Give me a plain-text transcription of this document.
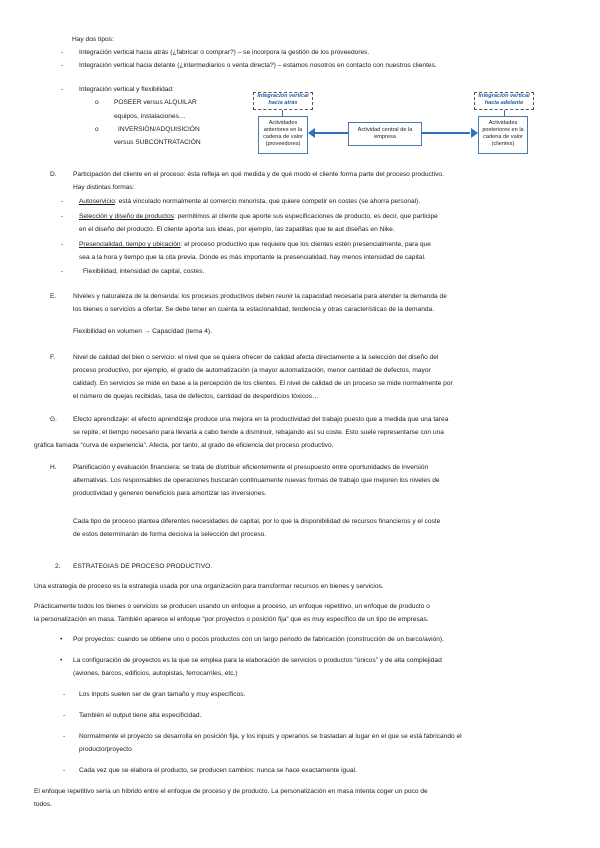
Hay dos tipos:
- Integración vertical hacia atrás (¿fabricar o comprar?) – se incorpora la gestión de los proveedores.
- Integración vertical hacia delante (¿intermediarios o venta directa?) – estamos nosotros en contacto con nuestros clientes.
- Integración vertical y flexibilidad:
o POSEER versus ALQUILAR
equipos, instalaciones…
o	INVERSIÓN/ADQUISICIÓN
versus SUBCONTRATACIÓN
Integración vertical hacia atrás
Integración vertical hacia adelante
Actividades anteriores en la cadena de valor (proveedores)
Actividad central de la empresa
Actividades posteriores en la cadena de valor (clientes)
D. Participación del cliente en el proceso: ésta refleja en qué medida y de qué modo el cliente forma parte del proceso productivo.
Hay distintas formas:
- Autoservicio: está vinculado normalmente al comercio minorista, que quiere competir en costes (se ahorra personal).
- Selección y diseño de productos: permitimos al cliente que aporte sus especificaciones de producto, es decir, que participe
en el diseño del producto. El cliente aporta sus ideas, por ejemplo, las zapatillas que te aut diseñas en Nike.
- Presencialidad, tiempo y ubicación: el proceso productivo que requiere que los clientes estén presencialmente, para que
sea a la hora y tiempo que la cita previa. Donde es más importante la presencialidad, hay menos intensidad de capital.
-	Flexibilidad, intensidad de capital, costes.
E.	Niveles y naturaleza de la demanda: los procesos productivos deben reunir la capacidad necesaria para atender la demanda de
los bienes o servicios a ofertar. Se debe tener en cuenta la estacionalidad, tendencia y otras características de la demanda.
Flexibilidad en volumen → Capacidad (tema 4).
F.	Nivel de calidad del bien o servicio: el nivel que se quiera ofrecer de calidad afecta directamente a la selección del diseño del
proceso productivo, por ejemplo, el grado de automatización (a mayor automatización, menor cantidad de defectos, mayor
calidad). En servicios se mide en base a la percepción de los clientes. El nivel de calidad de un proceso se mide normalmente por
el número de quejas recibidas, tasa de defectos, cantidad de desperdicios tóxicos…
G. Efecto aprendizaje: el efecto aprendizaje produce una mejora en la productividad del trabajo puesto que a medida que una tarea
se repite, el tiempo necesario para llevarla a cabo tiende a disminuir, rebajando así su coste. Esto suele representarse con una
gráfica llamada “curva de experiencia”. Afecta, por tanto, al grado de eficiencia del proceso productivo.
H. Planificación y evaluación financiera: se trata de distribuir eficientemente el presupuesto entre oportunidades de inversión
alternativas. Los responsables de operaciones buscarán continuamente nuevas formas de trabajo que mejoren los niveles de
productividad y generen beneficios para amortizar las inversiones.
Cada tipo de proceso plantea diferentes necesidades de capital, por lo que la disponibilidad de recursos financieros y el coste
de estos determinarán de forma decisiva la selección del proceso.
2. ESTRATEGIAS DE PROCESO PRODUCTIVO.
Una estrategia de proceso es la estrategia usada por una organización para transformar recursos en bienes y servicios.
Prácticamente todos los bienes o servicios se producen usando un enfoque a proceso, un enfoque repetitivo, un enfoque de producto o
la personalización en masa. También aparece el enfoque “por proyectos o posición fija” que es muy específico de un tipo de empresas.
• Por proyectos: cuando se obtiene uno o pocos productos con un largo periodo de fabricación (construcción de un barco/avión).
• La configuración de proyectos es la que se emplea para la elaboración de servicios o productos “únicos” y de alta complejidad
(aviones, barcos, edificios, autopistas, ferrocarriles, etc.)
- Los inputs suelen ser de gran tamaño y muy específicos.
- También el output tiene alta especificidad.
- Normalmente el proyecto se desarrolla en posición fija, y los inputs y operarios se trasladan al lugar en el que se está fabricando el
producto/proyecto
- Cada vez que se elabora el producto, se producen cambios: nunca se hace exactamente igual.
El enfoque repetitivo sería un híbrido entre el enfoque de proceso y de producto. La personalización en masa intenta coger un poco de
todos.
